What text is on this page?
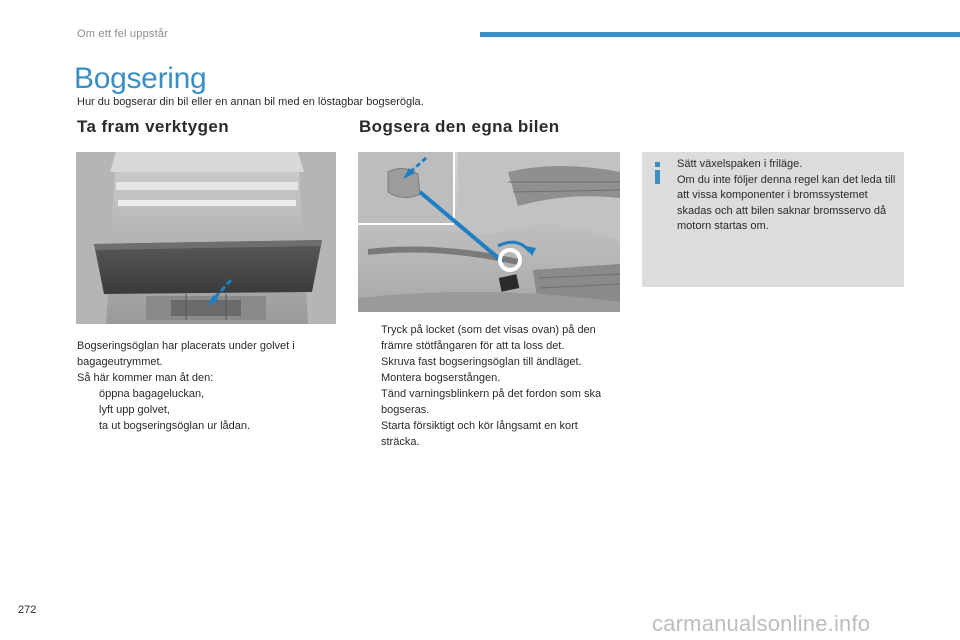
Om ett fel uppstår
Bogsering
Hur du bogserar din bil eller en annan bil med en löstagbar bogserögla.
Ta fram verktygen	Bogsera den egna bilen

Sätt växelspaken i friläge.

Om du inte följer denna regel kan det leda till att vissa komponenter i bromssystemet skadas och att bilen saknar bromsservo då motorn startas om.

Bogseringsöglan har placerats under golvet i bagageutrymmet.

Så här kommer man åt den:

öppna bagageluckan,
lyft upp golvet,
ta ut bogseringsöglan ur lådan.
Tryck på locket (som det visas ovan) på den främre stötfångaren för att ta loss det.
Skruva fast bogseringsöglan till ändläget.
Montera bogserstången.
Tänd varningsblinkern på det fordon som ska bogseras.
Starta försiktigt och kör långsamt en kort sträcka.
272
carmanualsonline.info
